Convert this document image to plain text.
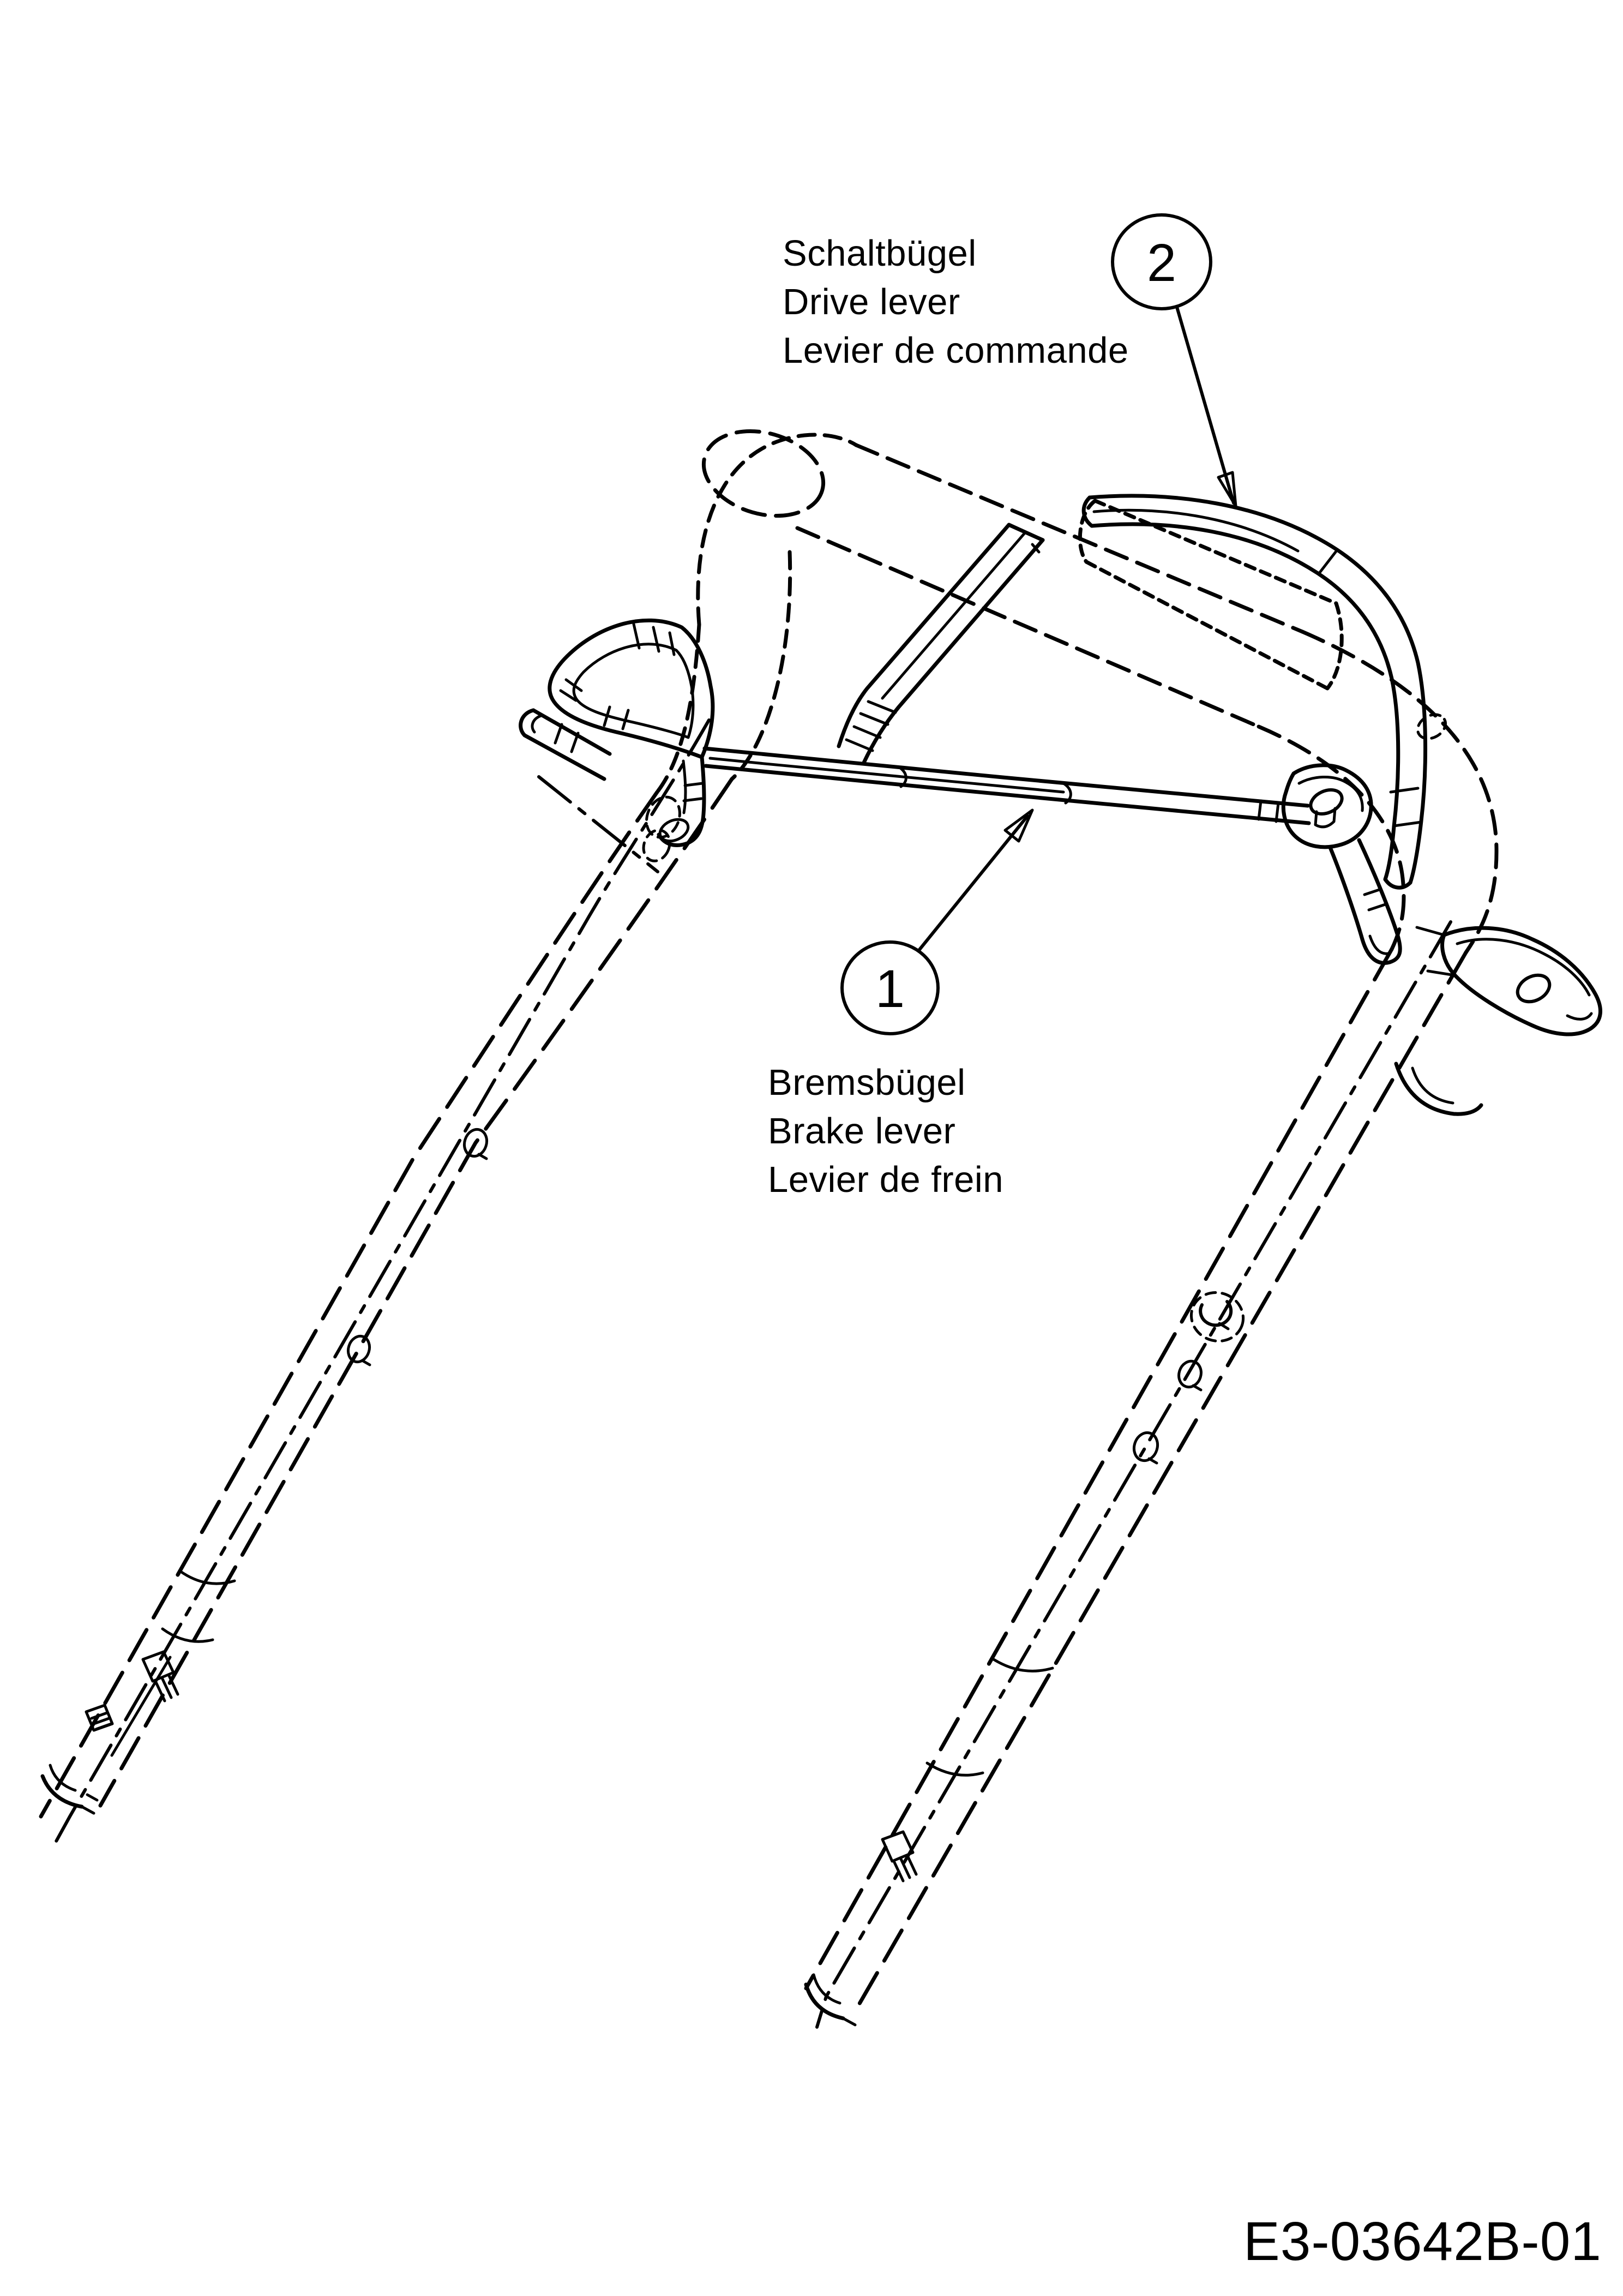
2
1
Schaltbügel
Drive lever
Levier de commande
Bremsbügel
Brake lever
Levier de frein
E3-03642B-01
